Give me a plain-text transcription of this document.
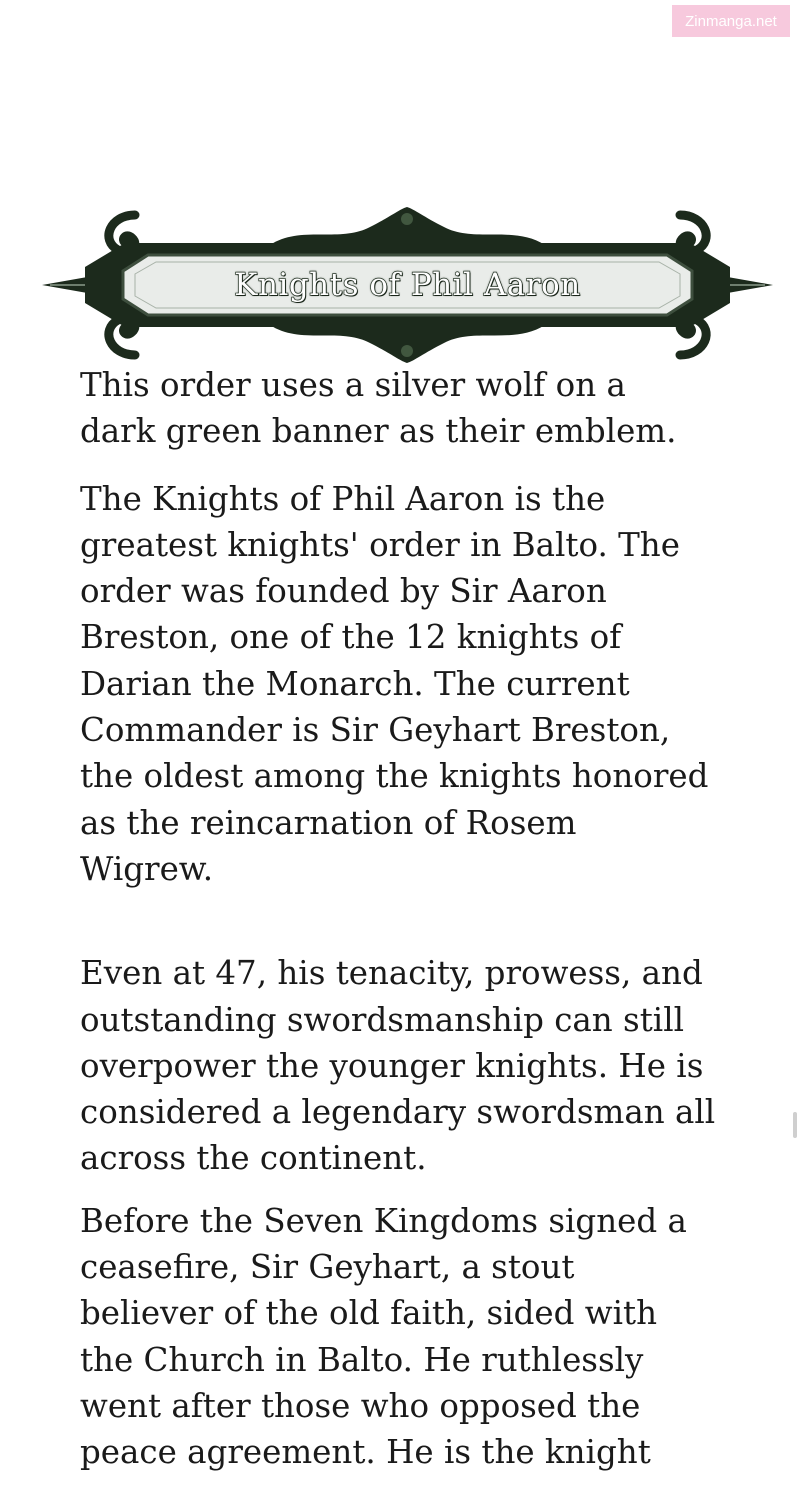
Zinmanga.net
Knights of Phil Aaron

This order uses a silver wolf on a

dark green banner as their emblem.

The Knights of Phil Aaron is the

greatest knights' order in Balto. The

order was founded by Sir Aaron

Breston, one of the 12 knights of

Darian the Monarch. The current

Commander is Sir Geyhart Breston,

the oldest among the knights honored

as the reincarnation of Rosem

Wigrew.

Even at 47, his tenacity, prowess, and

outstanding swordsmanship can still

overpower the younger knights. He is

considered a legendary swordsman all

across the continent.

Before the Seven Kingdoms signed a

ceasefire, Sir Geyhart, a stout

believer of the old faith, sided with

the Church in Balto. He ruthlessly

went after those who opposed the

peace agreement. He is the knight
